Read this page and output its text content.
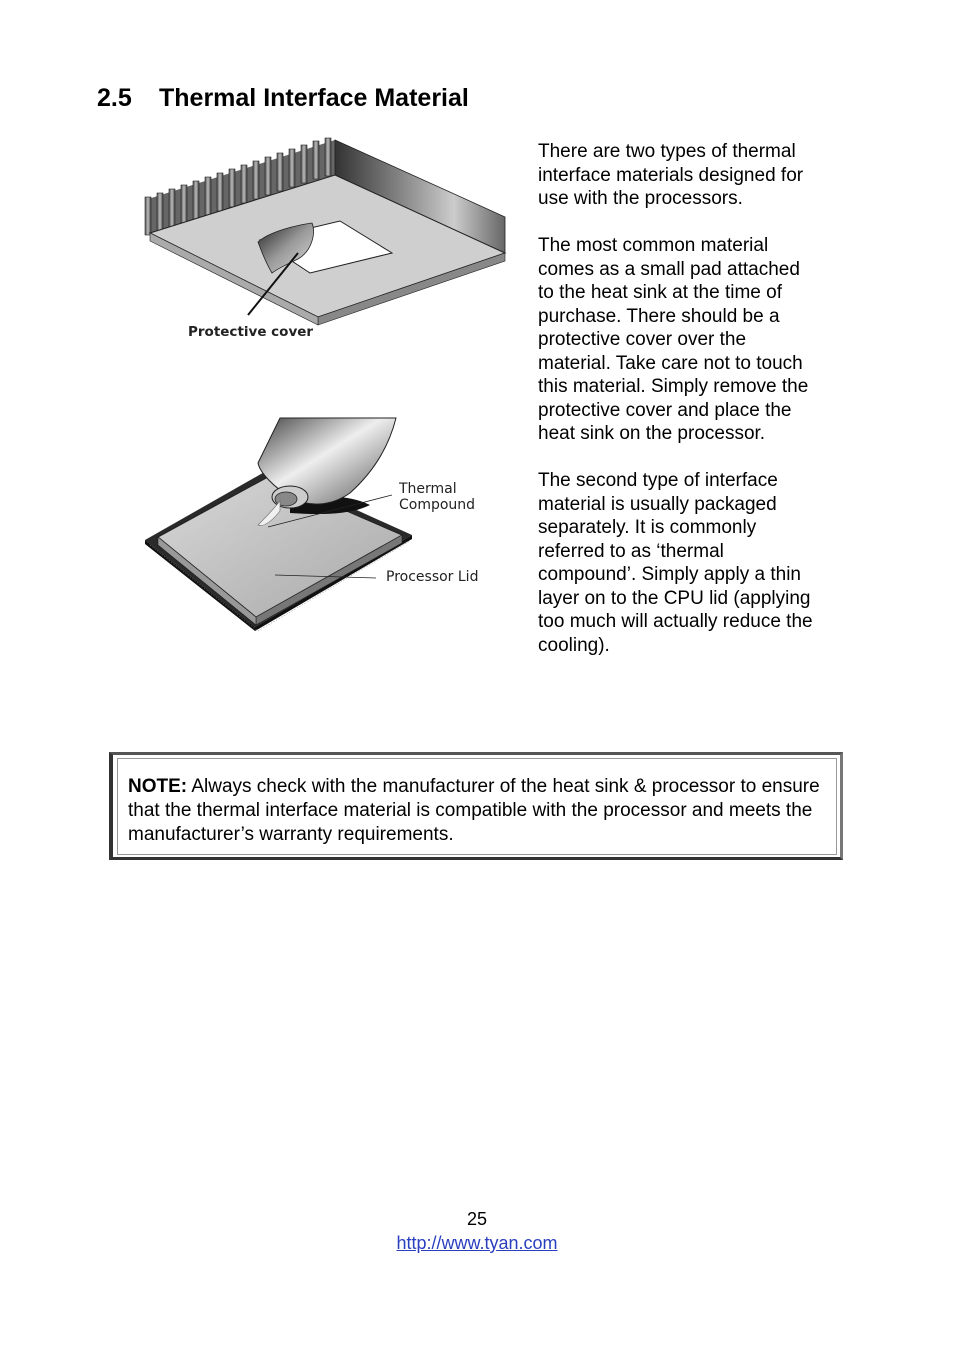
2.5 Thermal Interface Material
Protective cover
Thermal
Compound
Processor Lid

There are two types of thermal interface materials designed for use with the processors.

The most common material comes as a small pad attached to the heat sink at the time of purchase. There should be a protective cover over the material. Take care not to touch this material. Simply remove the protective cover and place the heat sink on the processor.

The second type of interface material is usually packaged separately. It is commonly referred to as ‘thermal compound’. Simply apply a thin layer on to the CPU lid (applying too much will actually reduce the cooling).

NOTE: Always check with the manufacturer of the heat sink & processor to ensure that the thermal interface material is compatible with the processor and meets the manufacturer’s warranty requirements.
25
http://www.tyan.com
